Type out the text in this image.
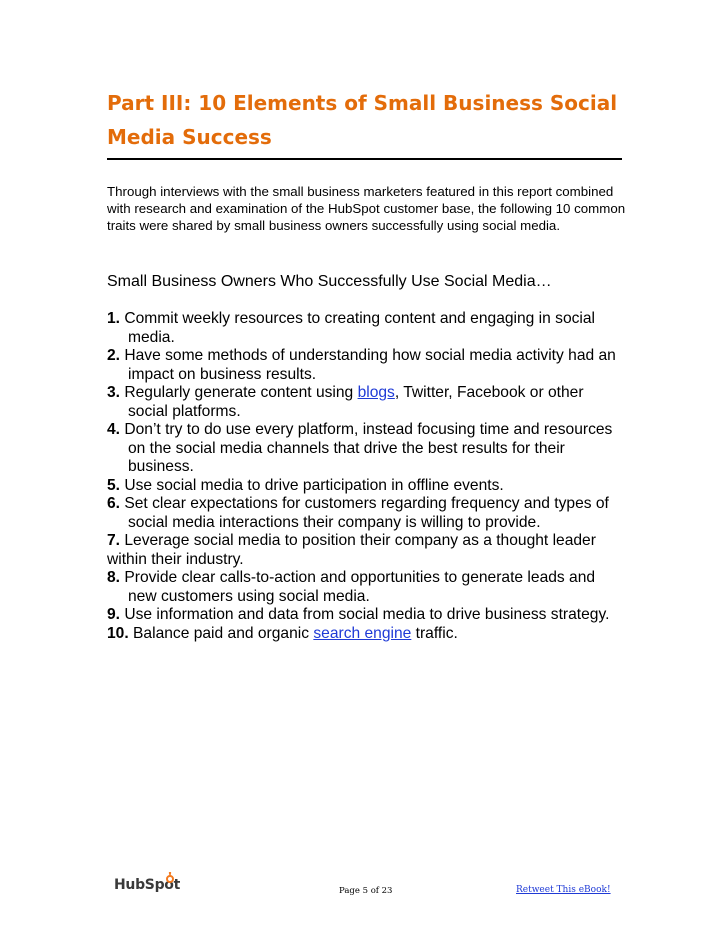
Part III: 10 Elements of Small Business Social Media Success

Through interviews with the small business marketers featured in this report combined with research and examination of the HubSpot customer base, the following 10 common traits were shared by small business owners successfully using social media.

Small Business Owners Who Successfully Use Social Media…

1. Commit weekly resources to creating content and engaging in social media.
2. Have some methods of understanding how social media activity had an impact on business results.
3. Regularly generate content using blogs, Twitter, Facebook or other social platforms.
4. Don’t try to do use every platform, instead focusing time and resources on the social media channels that drive the best results for their business.
5. Use social media to drive participation in offline events.
6. Set clear expectations for customers regarding frequency and types of social media interactions their company is willing to provide.
7. Leverage social media to position their company as a thought leader within their industry.
8. Provide clear calls-to-action and opportunities to generate leads and new customers using social media.
9. Use information and data from social media to drive business strategy.
10. Balance paid and organic search engine traffic.
HubSpot	Page 5 of 23	Retweet This eBook!
